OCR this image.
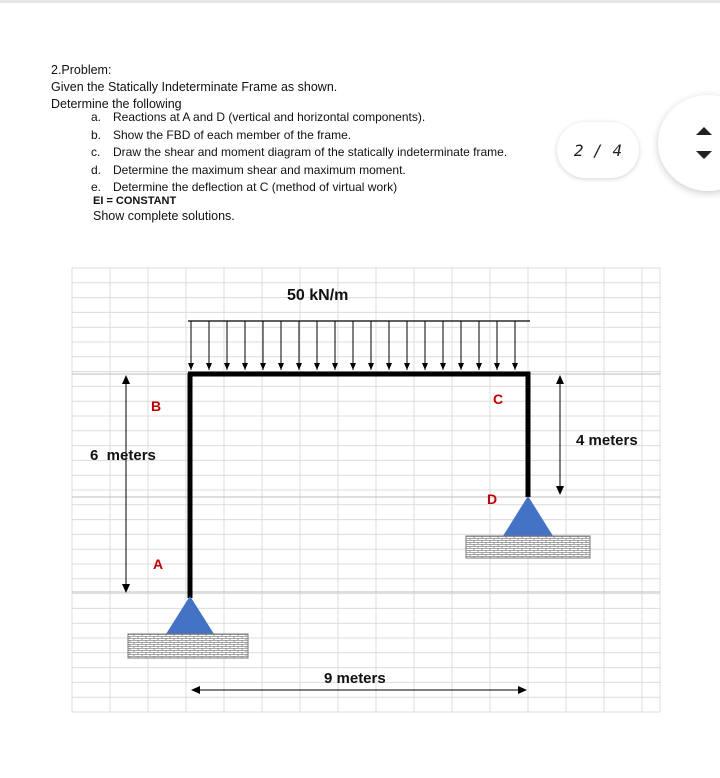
2.Problem:
Given the Statically Indeterminate Frame as shown.
Determine the following
a. Reactions at A and D (vertical and horizontal components).
b. Show the FBD of each member of the frame.
c. Draw the shear and moment diagram of the statically indeterminate frame.
d. Determine the maximum shear and maximum moment.
e. Determine the deflection at C (method of virtual work)
EI = CONSTANT
Show complete solutions.
2 / 4
50 kN/m
B	C
A
D
6  meters
4 meters
9 meters
